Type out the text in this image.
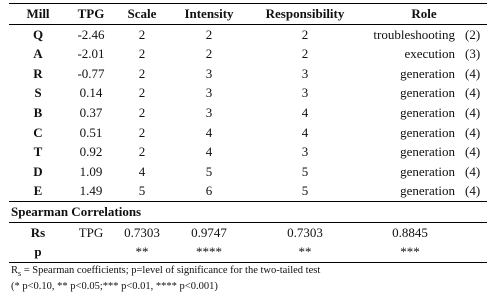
Mill	TPG	Scale	Intensity	Responsibility	Role	
Q	-2.46	2	2	2	troubleshooting	(2)
A	-2.01	2	2	2	execution	(3)
R	-0.77	2	3	3	generation	(4)
S	0.14	2	3	3	generation	(4)
B	0.37	2	3	4	generation	(4)
C	0.51	2	4	4	generation	(4)
T	0.92	2	4	3	generation	(4)
D	1.09	4	5	5	generation	(4)
E	1.49	5	6	5	generation	(4)
Spearman Correlations						
Rs	TPG	0.7303	0.9747	0.7303	0.8845	
p		**	****	**	***	
$R_s$ = Spearman coefficients; p=level of significance for the two-tailed test
(* p<0.10, ** p<0.05;*** p<0.01, **** p<0.001)
